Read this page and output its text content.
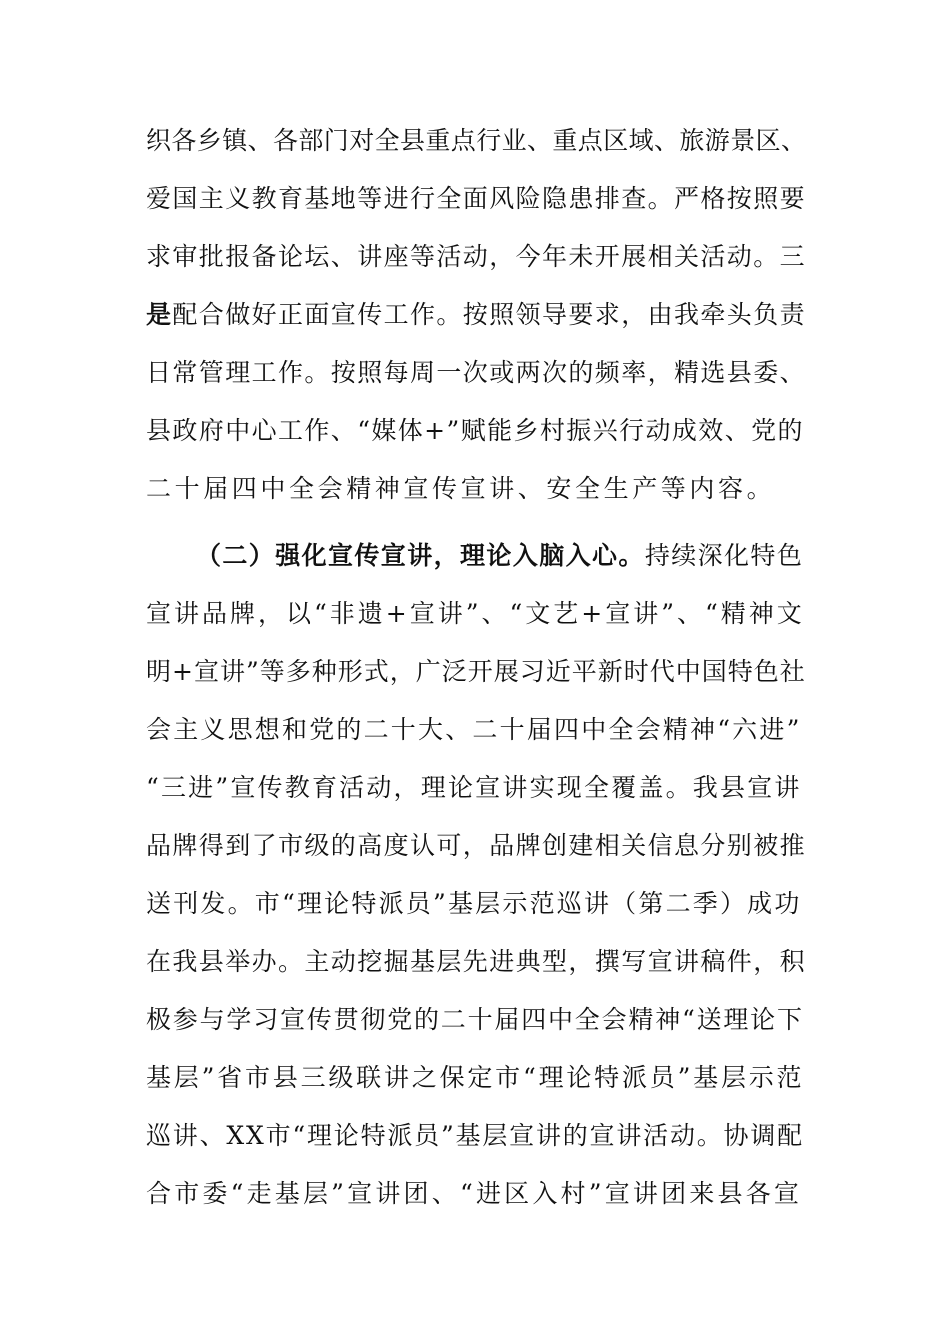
织各乡镇、各部门对全县重点行业、重点区域、旅游景区、
爱国主义教育基地等进行全面风险隐患排查。严格按照要
求审批报备论坛、讲座等活动，今年未开展相关活动。三
是配合做好正面宣传工作。按照领导要求，由我牵头负责
日常管理工作。按照每周一次或两次的频率，精选县委、
县政府中心工作、“媒体+”赋能乡村振兴行动成效、党的
二十届四中全会精神宣传宣讲、安全生产等内容。
（二）强化宣传宣讲，理论入脑入心。持续深化特色
宣讲品牌，以“非遗+宣讲”、“文艺+宣讲”、“精神文
明+宣讲”等多种形式，广泛开展习近平新时代中国特色社
会主义思想和党的二十大、二十届四中全会精神“六进”
“三进”宣传教育活动，理论宣讲实现全覆盖。我县宣讲
品牌得到了市级的高度认可，品牌创建相关信息分别被推
送刊发。市“理论特派员”基层示范巡讲（第二季）成功
在我县举办。主动挖掘基层先进典型，撰写宣讲稿件，积
极参与学习宣传贯彻党的二十届四中全会精神“送理论下
基层”省市县三级联讲之保定市“理论特派员”基层示范
巡讲、XX市“理论特派员”基层宣讲的宣讲活动。协调配
合市委“走基层”宣讲团、“进区入村”宣讲团来县各宣
